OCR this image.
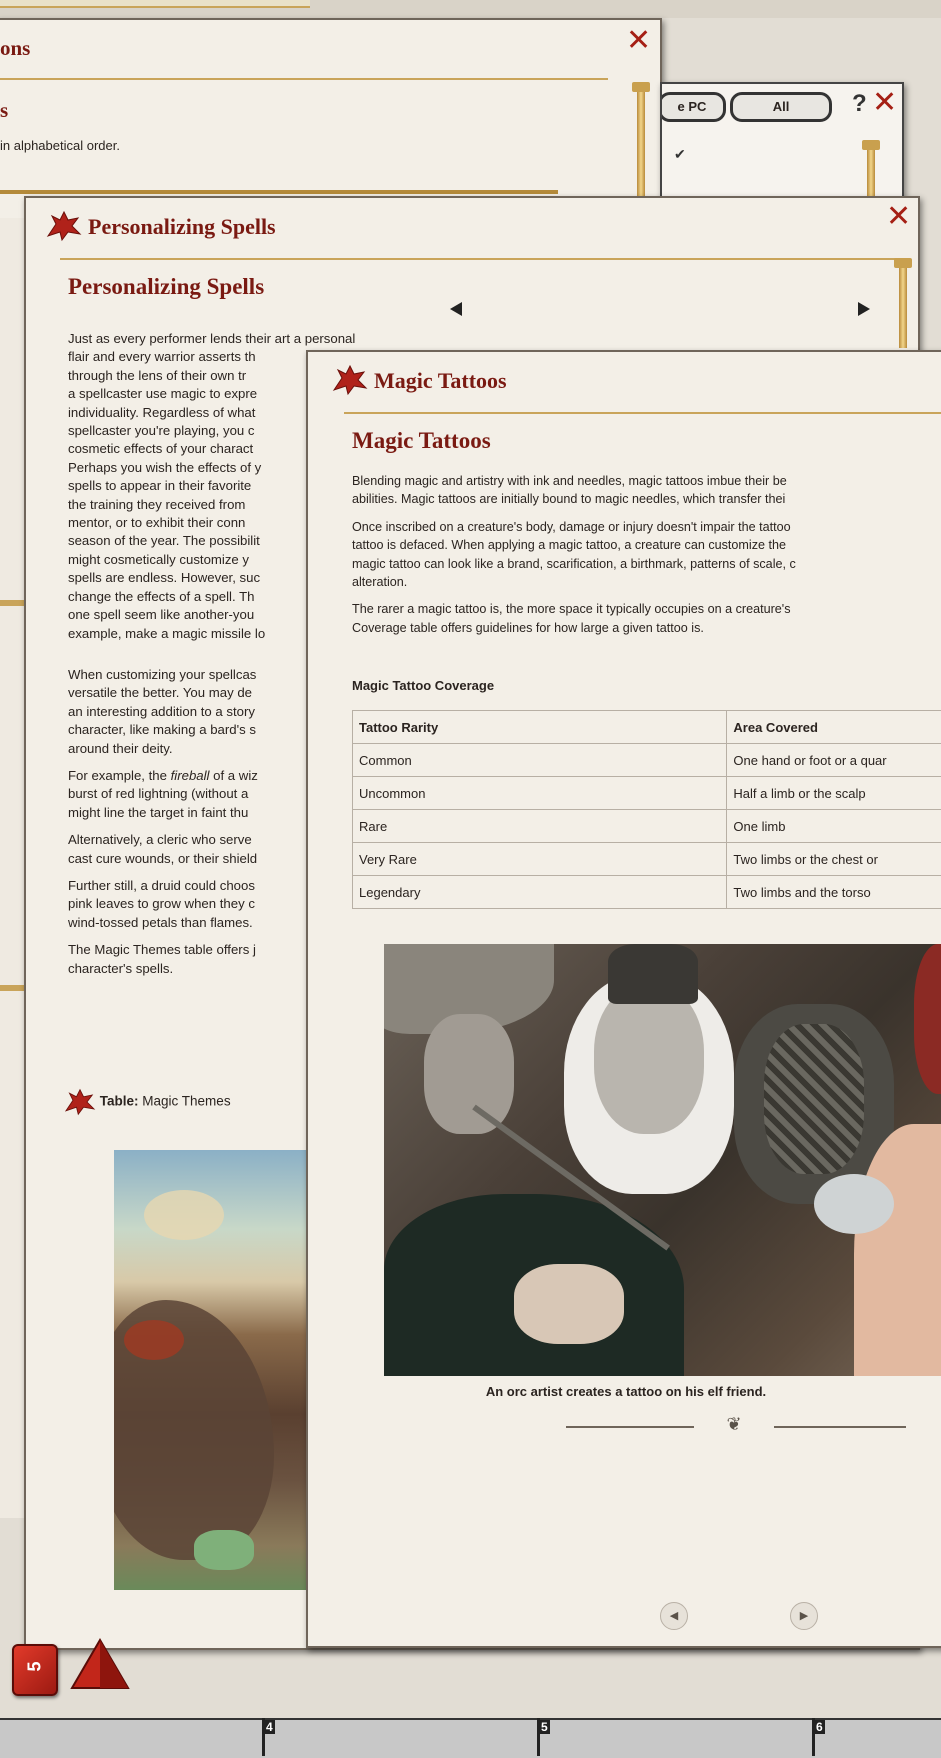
ons
s
in alphabetical order.
✕
e PC	All	? ✕
✔
Personalizing Spells	✕
Personalizing Spells

Just as every performer lends their art a personal
flair and every warrior asserts th
through the lens of their own tr
a spellcaster use magic to expre
individuality. Regardless of what
spellcaster you're playing, you c
cosmetic effects of your charact
Perhaps you wish the effects of y
spells to appear in their favorite
the training they received from
mentor, or to exhibit their conn
season of the year. The possibilit
might cosmetically customize y
spells are endless. However, suc
change the effects of a spell. Th
one spell seem like another-you
example, make a magic missile lo

When customizing your spellcas
versatile the better. You may de
an interesting addition to a story
character, like making a bard's s
around their deity.

For example, the fireball of a wiz
burst of red lightning (without a
might line the target in faint thu

Alternatively, a cleric who serve
cast cure wounds, or their shield

Further still, a druid could choos
pink leaves to grow when they c
wind-tossed petals than flames.

The Magic Themes table offers j
character's spells.

Table: Magic Themes
Magic Tattoos
Magic Tattoos

Blending magic and artistry with ink and needles, magic tattoos imbue their be
abilities. Magic tattoos are initially bound to magic needles, which transfer thei

Once inscribed on a creature's body, damage or injury doesn't impair the tattoo
tattoo is defaced. When applying a magic tattoo, a creature can customize the
magic tattoo can look like a brand, scarification, a birthmark, patterns of scale, c
alteration.

The rarer a magic tattoo is, the more space it typically occupies on a creature's
Coverage table offers guidelines for how large a given tattoo is.

Magic Tattoo Coverage
Tattoo Rarity	Area Covered
Common	One hand or foot or a quar
Uncommon	Half a limb or the scalp
Rare	One limb
Very Rare	Two limbs or the chest or
Legendary	Two limbs and the torso
An orc artist creates a tattoo on his elf friend.
❦
◀	▶
5
4	5	6
